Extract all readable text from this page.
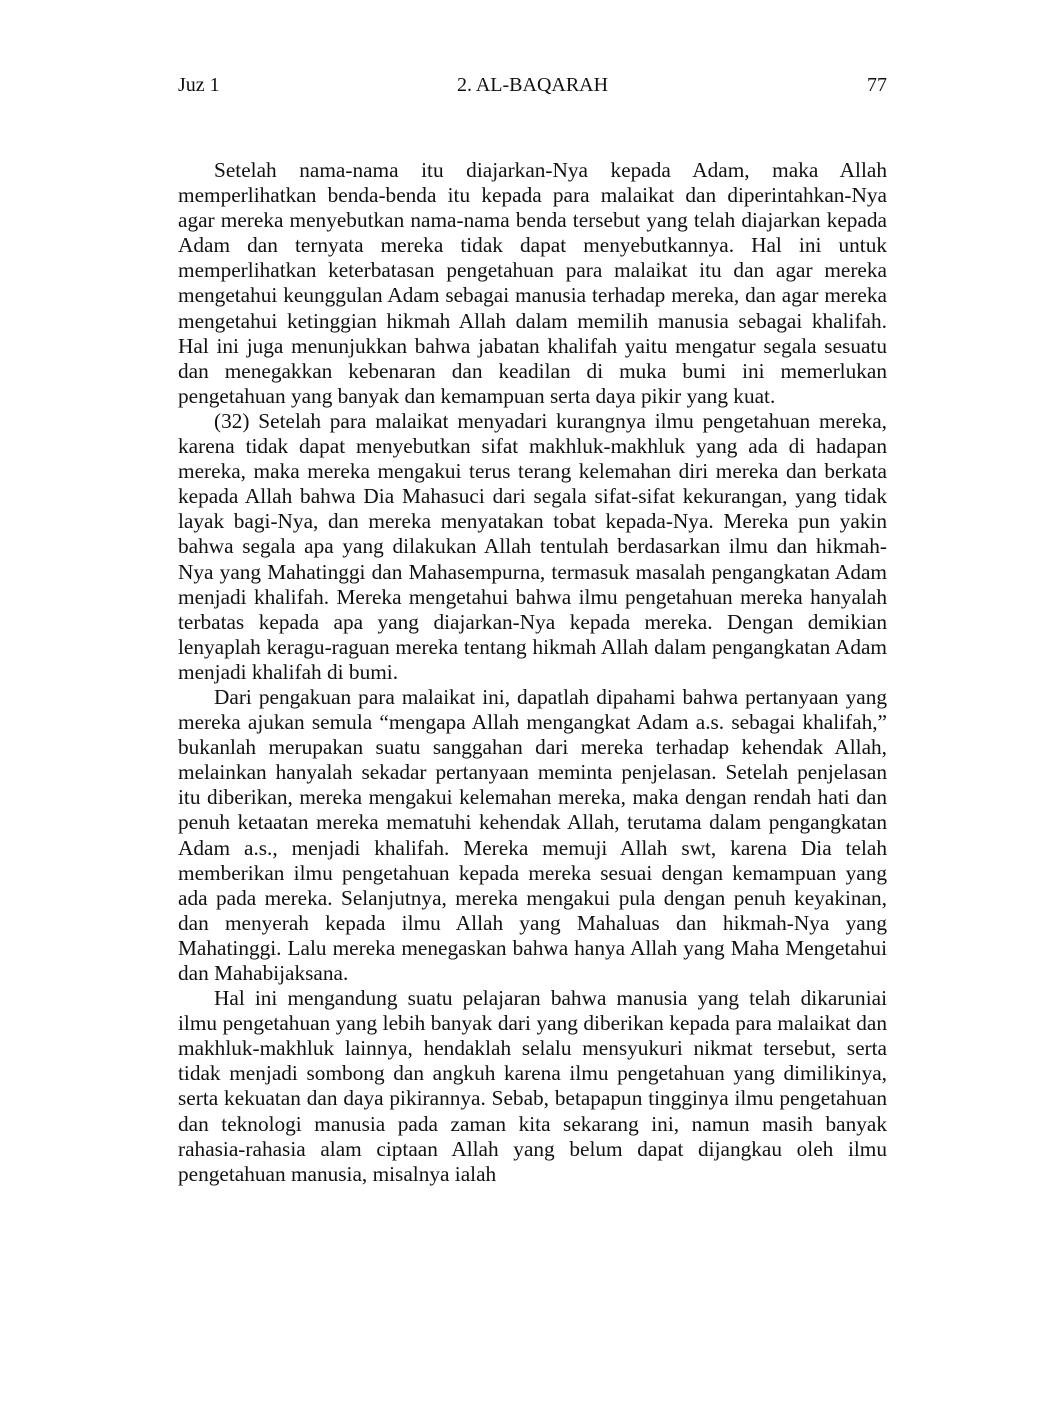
Juz 1	2. AL-BAQARAH	77

Setelah nama-nama itu diajarkan-Nya kepada Adam, maka Allah memperlihatkan benda-benda itu kepada para malaikat dan diperintahkan-Nya agar mereka menyebutkan nama-nama benda tersebut yang telah diajarkan kepada Adam dan ternyata mereka tidak dapat menyebutkannya. Hal ini untuk memperlihatkan keterbatasan pengetahuan para malaikat itu dan agar mereka mengetahui keunggulan Adam sebagai manusia terhadap mereka, dan agar mereka mengetahui ketinggian hikmah Allah dalam memilih manusia sebagai khalifah. Hal ini juga menunjukkan bahwa jabatan khalifah yaitu mengatur segala sesuatu dan menegakkan kebenaran dan keadilan di muka bumi ini memerlukan pengetahuan yang banyak dan kemampuan serta daya pikir yang kuat.

(32) Setelah para malaikat menyadari kurangnya ilmu pengetahuan mereka, karena tidak dapat menyebutkan sifat makhluk-makhluk yang ada di hadapan mereka, maka mereka mengakui terus terang kelemahan diri mereka dan berkata kepada Allah bahwa Dia Mahasuci dari segala sifat-sifat kekurangan, yang tidak layak bagi-Nya, dan mereka menyatakan tobat kepada-Nya. Mereka pun yakin bahwa segala apa yang dilakukan Allah tentulah berdasarkan ilmu dan hikmah-Nya yang Mahatinggi dan Mahasempurna, termasuk masalah pengangkatan Adam menjadi khalifah. Mereka mengetahui bahwa ilmu pengetahuan mereka hanyalah terbatas kepada apa yang diajarkan-Nya kepada mereka. Dengan demikian lenyaplah keragu-raguan mereka tentang hikmah Allah dalam pengangkatan Adam menjadi khalifah di bumi.

Dari pengakuan para malaikat ini, dapatlah dipahami bahwa pertanyaan yang mereka ajukan semula “mengapa Allah mengangkat Adam a.s. sebagai khalifah,” bukanlah merupakan suatu sanggahan dari mereka terhadap kehendak Allah, melainkan hanyalah sekadar pertanyaan meminta penjelasan. Setelah penjelasan itu diberikan, mereka mengakui kelemahan mereka, maka dengan rendah hati dan penuh ketaatan mereka mematuhi kehendak Allah, terutama dalam pengangkatan Adam a.s., menjadi khalifah. Mereka memuji Allah swt, karena Dia telah memberikan ilmu pengetahuan kepada mereka sesuai dengan kemampuan yang ada pada mereka. Selanjutnya, mereka mengakui pula dengan penuh keyakinan, dan menyerah kepada ilmu Allah yang Mahaluas dan hikmah-Nya yang Mahatinggi. Lalu mereka menegaskan bahwa hanya Allah yang Maha Mengetahui dan Mahabijaksana.

Hal ini mengandung suatu pelajaran bahwa manusia yang telah dikaruniai ilmu pengetahuan yang lebih banyak dari yang diberikan kepada para malaikat dan makhluk-makhluk lainnya, hendaklah selalu mensyukuri nikmat tersebut, serta tidak menjadi sombong dan angkuh karena ilmu pengetahuan yang dimilikinya, serta kekuatan dan daya pikirannya. Sebab, betapapun tingginya ilmu pengetahuan dan teknologi manusia pada zaman kita sekarang ini, namun masih banyak rahasia-rahasia alam ciptaan Allah yang belum dapat dijangkau oleh ilmu pengetahuan manusia, misalnya ialah
